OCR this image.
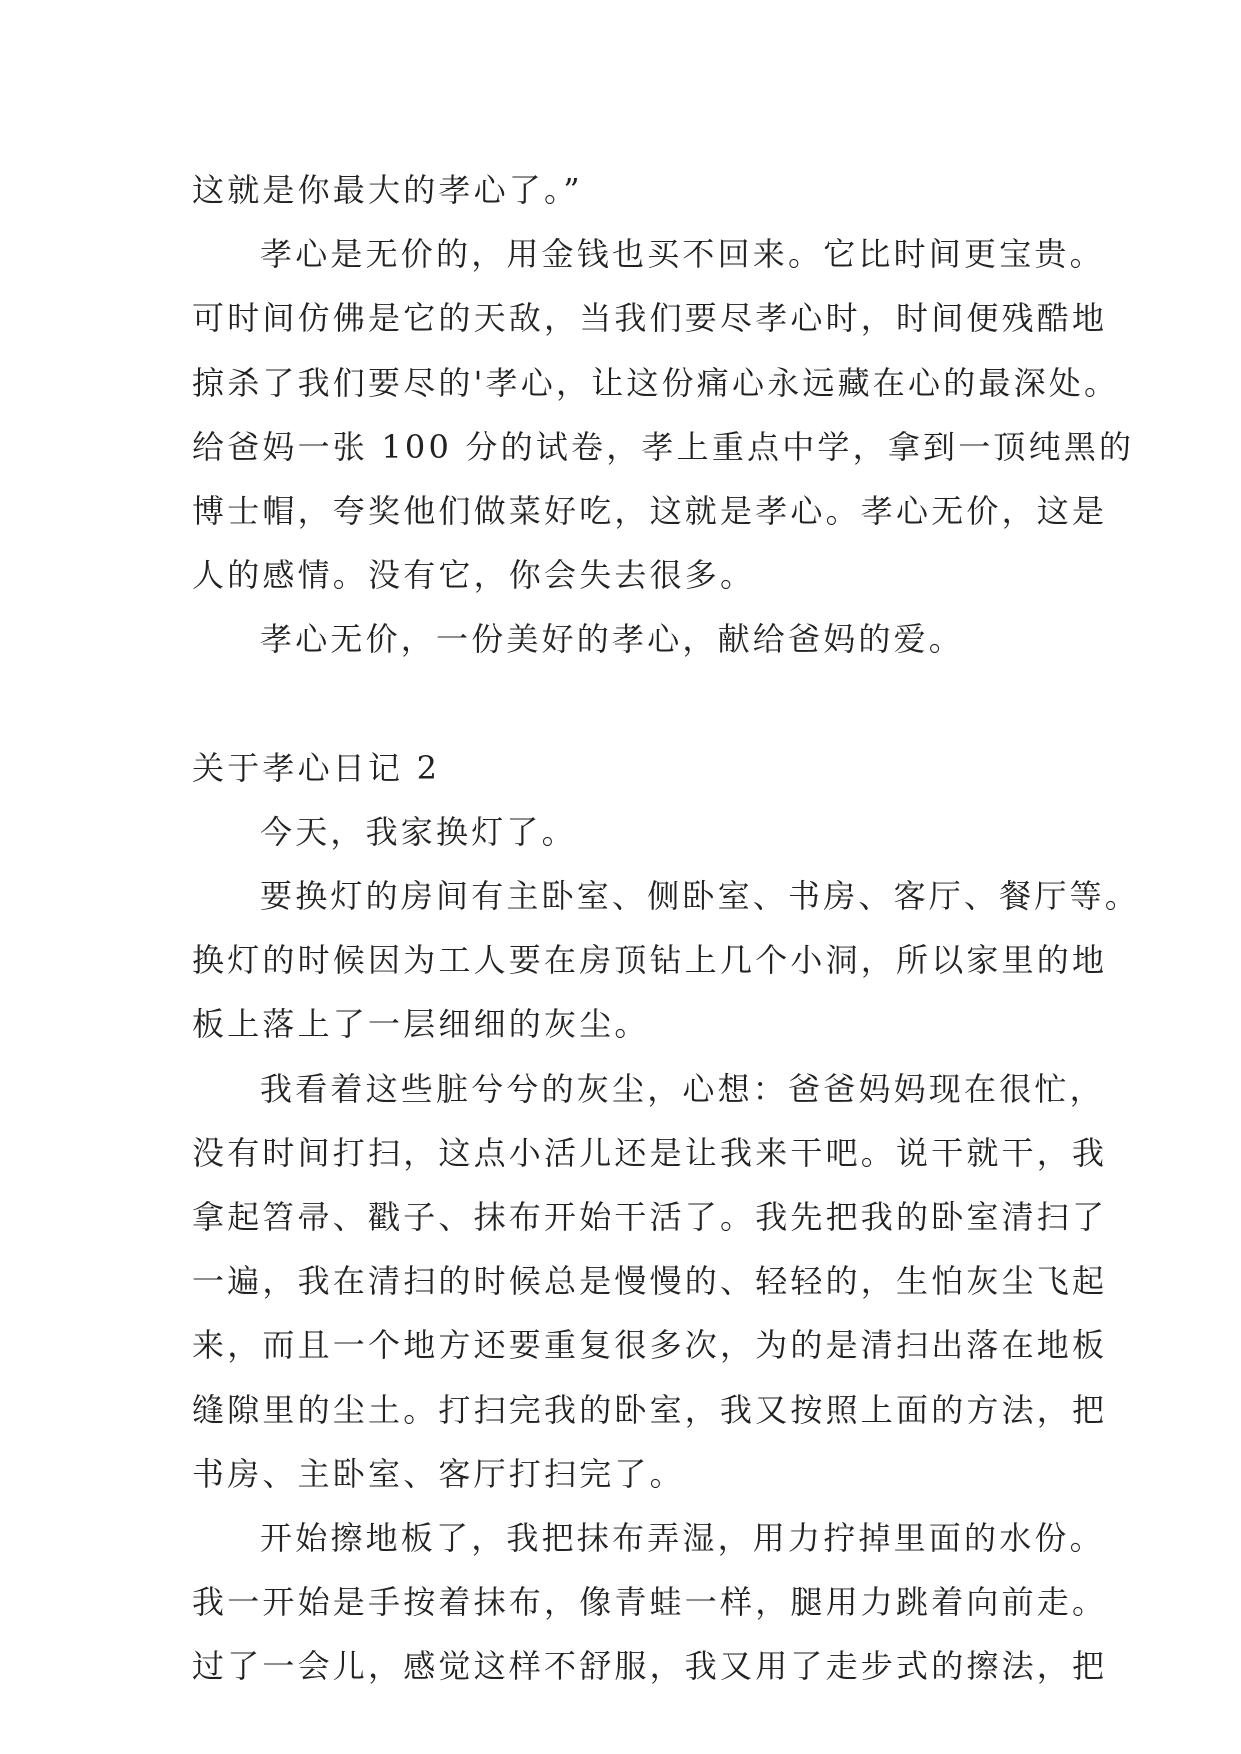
这就是你最大的孝心了。”
孝心是无价的，用金钱也买不回来。它比时间更宝贵。
可时间仿佛是它的天敌，当我们要尽孝心时，时间便残酷地
掠杀了我们要尽的'孝心，让这份痛心永远藏在心的最深处。
给爸妈一张 100 分的试卷，孝上重点中学，拿到一顶纯黑的
博士帽，夸奖他们做菜好吃，这就是孝心。孝心无价，这是
人的感情。没有它，你会失去很多。
孝心无价，一份美好的孝心，献给爸妈的爱。
关于孝心日记 2
今天，我家换灯了。
要换灯的房间有主卧室、侧卧室、书房、客厅、餐厅等。
换灯的时候因为工人要在房顶钻上几个小洞，所以家里的地
板上落上了一层细细的灰尘。
我看着这些脏兮兮的灰尘，心想：爸爸妈妈现在很忙，
没有时间打扫，这点小活儿还是让我来干吧。说干就干，我
拿起笤帚、戳子、抹布开始干活了。我先把我的卧室清扫了
一遍，我在清扫的时候总是慢慢的、轻轻的，生怕灰尘飞起
来，而且一个地方还要重复很多次，为的是清扫出落在地板
缝隙里的尘土。打扫完我的卧室，我又按照上面的方法，把
书房、主卧室、客厅打扫完了。
开始擦地板了，我把抹布弄湿，用力拧掉里面的水份。
我一开始是手按着抹布，像青蛙一样，腿用力跳着向前走。
过了一会儿，感觉这样不舒服，我又用了走步式的擦法，把
